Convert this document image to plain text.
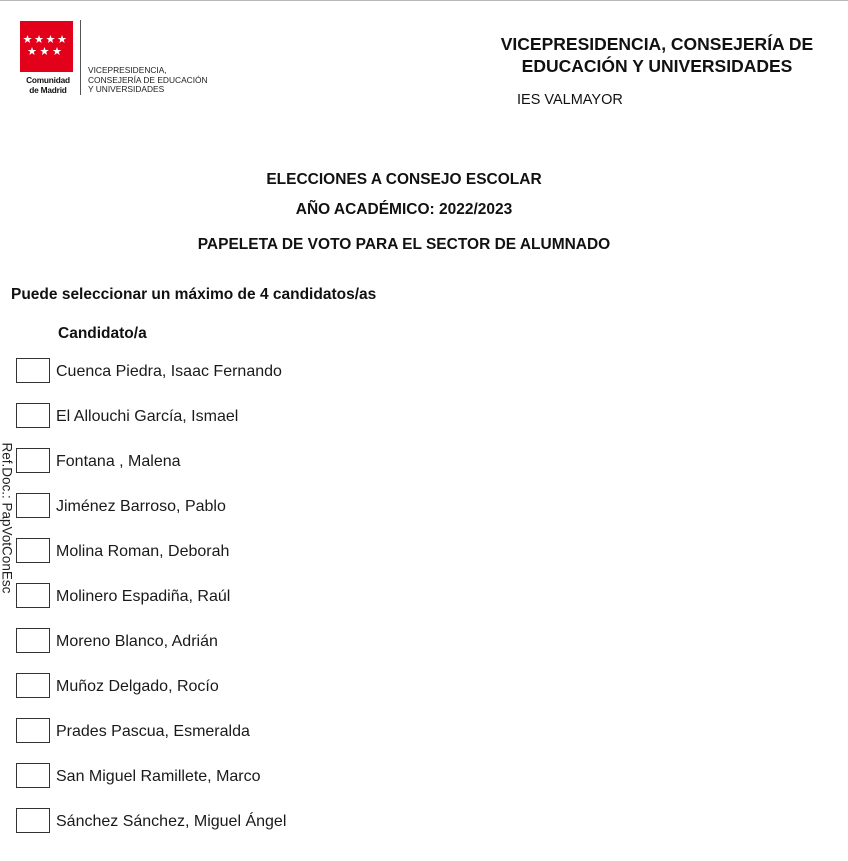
Comunidad
de Madrid
VICEPRESIDENCIA,
CONSEJERÍA DE EDUCACIÓN
Y UNIVERSIDADES
VICEPRESIDENCIA, CONSEJERÍA DE
EDUCACIÓN Y UNIVERSIDADES
IES VALMAYOR
ELECCIONES A CONSEJO ESCOLAR
AÑO ACADÉMICO: 2022/2023
PAPELETA DE VOTO PARA EL SECTOR DE ALUMNADO
Puede seleccionar un máximo de 4 candidatos/as
Candidato/a
Ref.Doc.: PapVotConEsc
Cuenca Piedra, Isaac Fernando
El Allouchi García, Ismael
Fontana , Malena
Jiménez Barroso, Pablo
Molina Roman, Deborah
Molinero Espadiña, Raúl
Moreno Blanco, Adrián
Muñoz Delgado, Rocío
Prades Pascua, Esmeralda
San Miguel Ramillete, Marco
Sánchez Sánchez, Miguel Ángel
